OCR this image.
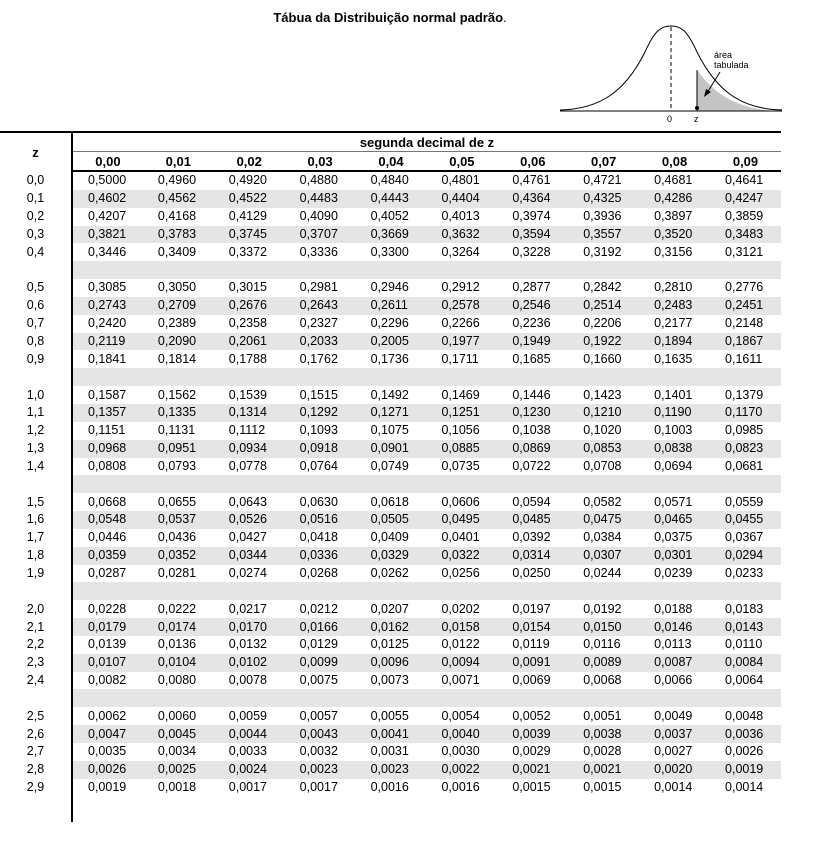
Tábua da Distribuição normal padrão.
área
tabulada
0 z
z	segunda decimal de z									
	0,00	0,01	0,02	0,03	0,04	0,05	0,06	0,07	0,08	0,09
0,0	0,5000	0,4960	0,4920	0,4880	0,4840	0,4801	0,4761	0,4721	0,4681	0,4641
0,1	0,4602	0,4562	0,4522	0,4483	0,4443	0,4404	0,4364	0,4325	0,4286	0,4247
0,2	0,4207	0,4168	0,4129	0,4090	0,4052	0,4013	0,3974	0,3936	0,3897	0,3859
0,3	0,3821	0,3783	0,3745	0,3707	0,3669	0,3632	0,3594	0,3557	0,3520	0,3483
0,4	0,3446	0,3409	0,3372	0,3336	0,3300	0,3264	0,3228	0,3192	0,3156	0,3121

0,5	0,3085	0,3050	0,3015	0,2981	0,2946	0,2912	0,2877	0,2842	0,2810	0,2776
0,6	0,2743	0,2709	0,2676	0,2643	0,2611	0,2578	0,2546	0,2514	0,2483	0,2451
0,7	0,2420	0,2389	0,2358	0,2327	0,2296	0,2266	0,2236	0,2206	0,2177	0,2148
0,8	0,2119	0,2090	0,2061	0,2033	0,2005	0,1977	0,1949	0,1922	0,1894	0,1867
0,9	0,1841	0,1814	0,1788	0,1762	0,1736	0,1711	0,1685	0,1660	0,1635	0,1611

1,0	0,1587	0,1562	0,1539	0,1515	0,1492	0,1469	0,1446	0,1423	0,1401	0,1379
1,1	0,1357	0,1335	0,1314	0,1292	0,1271	0,1251	0,1230	0,1210	0,1190	0,1170
1,2	0,1151	0,1131	0,1112	0,1093	0,1075	0,1056	0,1038	0,1020	0,1003	0,0985
1,3	0,0968	0,0951	0,0934	0,0918	0,0901	0,0885	0,0869	0,0853	0,0838	0,0823
1,4	0,0808	0,0793	0,0778	0,0764	0,0749	0,0735	0,0722	0,0708	0,0694	0,0681

1,5	0,0668	0,0655	0,0643	0,0630	0,0618	0,0606	0,0594	0,0582	0,0571	0,0559
1,6	0,0548	0,0537	0,0526	0,0516	0,0505	0,0495	0,0485	0,0475	0,0465	0,0455
1,7	0,0446	0,0436	0,0427	0,0418	0,0409	0,0401	0,0392	0,0384	0,0375	0,0367
1,8	0,0359	0,0352	0,0344	0,0336	0,0329	0,0322	0,0314	0,0307	0,0301	0,0294
1,9	0,0287	0,0281	0,0274	0,0268	0,0262	0,0256	0,0250	0,0244	0,0239	0,0233

2,0	0,0228	0,0222	0,0217	0,0212	0,0207	0,0202	0,0197	0,0192	0,0188	0,0183
2,1	0,0179	0,0174	0,0170	0,0166	0,0162	0,0158	0,0154	0,0150	0,0146	0,0143
2,2	0,0139	0,0136	0,0132	0,0129	0,0125	0,0122	0,0119	0,0116	0,0113	0,0110
2,3	0,0107	0,0104	0,0102	0,0099	0,0096	0,0094	0,0091	0,0089	0,0087	0,0084
2,4	0,0082	0,0080	0,0078	0,0075	0,0073	0,0071	0,0069	0,0068	0,0066	0,0064

2,5	0,0062	0,0060	0,0059	0,0057	0,0055	0,0054	0,0052	0,0051	0,0049	0,0048
2,6	0,0047	0,0045	0,0044	0,0043	0,0041	0,0040	0,0039	0,0038	0,0037	0,0036
2,7	0,0035	0,0034	0,0033	0,0032	0,0031	0,0030	0,0029	0,0028	0,0027	0,0026
2,8	0,0026	0,0025	0,0024	0,0023	0,0023	0,0022	0,0021	0,0021	0,0020	0,0019
2,9	0,0019	0,0018	0,0017	0,0017	0,0016	0,0016	0,0015	0,0015	0,0014	0,0014
